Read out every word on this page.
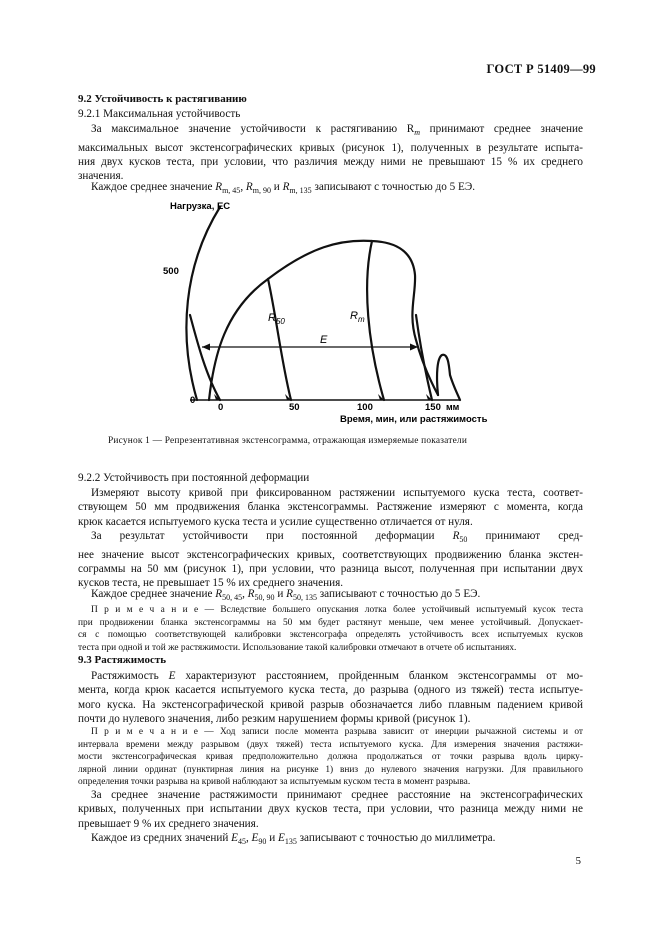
ГОСТ Р 51409—99
9.2 Устойчивость к растягиванию
9.2.1 Максимальная устойчивость
За максимальное значение устойчивости к растягиванию $R_m$ принимают среднее значение
максимальных высот экстенсографических кривых (рисунок 1), полученных в результате испыта-
ния двух кусков теста, при условии, что различия между ними не превышают 15 % их среднего
значения.
Каждое среднее значение $R_{m, 45}$, $R_{m, 90}$ и $R_{m, 135}$ записывают с точностью до 5 ЕЭ.
Нагрузка, ЕС
500
0
0	50	100	150 мм
Время, мин, или растяжимость
$R_{50}$	$R_m$
E
Рисунок 1 — Репрезентативная экстенсограмма, отражающая измеряемые показатели
9.2.2 Устойчивость при постоянной деформации
Измеряют высоту кривой при фиксированном растяжении испытуемого куска теста, соответ-
ствующем 50 мм продвижения бланка экстенсограммы. Растяжение измеряют с момента, когда
крюк касается испытуемого куска теста и усилие существенно отличается от нуля.
За результат устойчивости при постоянной деформации $R_{50}$ принимают сред-
нее значение высот экстенсографических кривых, соответствующих продвижению бланка экстен-
сограммы на 50 мм (рисунок 1), при условии, что разница высот, полученная при испытании двух
кусков теста, не превышает 15 % их среднего значения.
Каждое среднее значение $R_{50, 45}$, $R_{50, 90}$ и $R_{50, 135}$ записывают с точностью до 5 ЕЭ.
П р и м е ч а н и е — Вследствие большего опускания лотка более устойчивый испытуемый кусок теста
при продвижении бланка экстенсограммы на 50 мм будет растянут меньше, чем менее устойчивый. Допускает-
ся с помощью соответствующей калибровки экстенсографа определять устойчивость всех испытуемых кусков
теста при одной и той же растяжимости. Использование такой калибровки отмечают в отчете об испытаниях.
9.3 Растяжимость
Растяжимость E характеризуют расстоянием, пройденным бланком экстенсограммы от мо-
мента, когда крюк касается испытуемого куска теста, до разрыва (одного из тяжей) теста испытуе-
мого куска. На экстенсографической кривой разрыв обозначается либо плавным падением кривой
почти до нулевого значения, либо резким нарушением формы кривой (рисунок 1).
П р и м е ч а н и е — Ход записи после момента разрыва зависит от инерции рычажной системы и от
интервала времени между разрывом (двух тяжей) теста испытуемого куска. Для измерения значения растяжи-
мости экстенсографическая кривая предположительно должна продолжаться от точки разрыва вдоль цирку-
лярной линии ординат (пунктирная линия на рисунке 1) вниз до нулевого значения нагрузки. Для правильного
определения точки разрыва на кривой наблюдают за испытуемым куском теста в момент разрыва.
За среднее значение растяжимости принимают среднее расстояние на экстенсографических
кривых, полученных при испытании двух кусков теста, при условии, что разница между ними не
превышает 9 % их среднего значения.
Каждое из средних значений $E_{45}$, $E_{90}$ и $E_{135}$ записывают с точностью до миллиметра.
5
